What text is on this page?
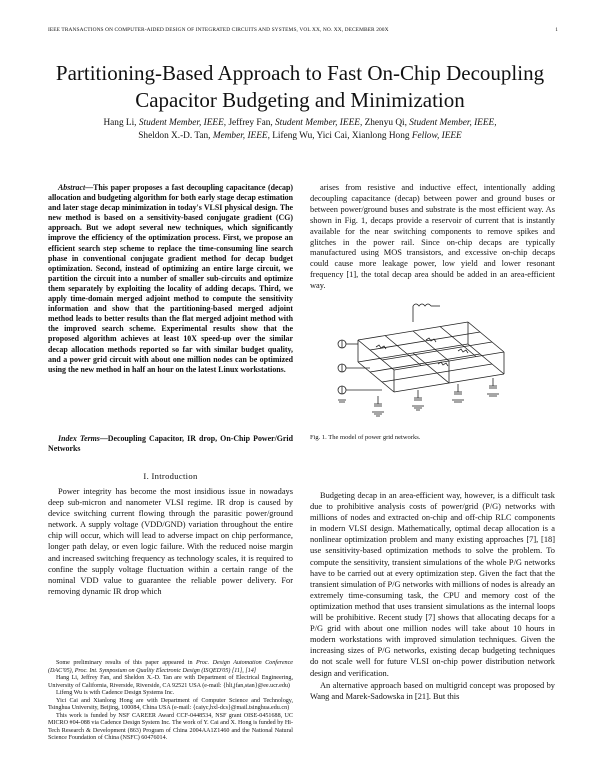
IEEE TRANSACTIONS ON COMPUTER-AIDED DESIGN OF INTEGRATED CIRCUITS AND SYSTEMS, VOL XX, NO. XX, DECEMBER 200X	1
Partitioning-Based Approach to Fast On-Chip Decoupling Capacitor Budgeting and Minimization
Hang Li, Student Member, IEEE, Jeffrey Fan, Student Member, IEEE, Zhenyu Qi, Student Member, IEEE,
Sheldon X.-D. Tan, Member, IEEE, Lifeng Wu, Yici Cai, Xianlong Hong Fellow, IEEE
Abstract—This paper proposes a fast decoupling capacitance (decap) allocation and budgeting algorithm for both early stage decap estimation and later stage decap minimization in today's VLSI physical design. The new method is based on a sensitivity-based conjugate gradient (CG) approach. But we adopt several new techniques, which significantly improve the efficiency of the optimization process. First, we propose an efficient search step scheme to replace the time-consuming line search phase in conventional conjugate gradient method for decap budget optimization. Second, instead of optimizing an entire large circuit, we partition the circuit into a number of smaller sub-circuits and optimize them separately by exploiting the locality of adding decaps. Third, we apply time-domain merged adjoint method to compute the sensitivity information and show that the partitioning-based merged adjoint method leads to better results than the flat merged adjoint method with the improved search scheme. Experimental results show that the proposed algorithm achieves at least 10X speed-up over the similar decap allocation methods reported so far with similar budget quality, and a power grid circuit with about one million nodes can be optimized using the new method in half an hour on the latest Linux workstations.
Index Terms—Decoupling Capacitor, IR drop, On-Chip Power/Grid Networks
I. Introduction
Power integrity has become the most insidious issue in nowadays deep sub-micron and nanometer VLSI regime. IR drop is caused by device switching current flowing through the parasitic power/ground network. A supply voltage (VDD/GND) variation throughout the entire chip will occur, which will lead to adverse impact on chip performance, longer path delay, or even logic failure. With the reduced noise margin and increased switching frequency as technology scales, it is required to confine the supply voltage fluctuation within a certain range of the nominal VDD value to guarantee the reliable power delivery. For removing dynamic IR drop which

Some preliminary results of this paper appeared in Proc. Design Automation Conference (DAC'05), Proc. Int. Symposium on Quality Electronic Design (ISQED'05) [11], [14]

Hang Li, Jeffrey Fan, and Sheldon X.-D. Tan are with Department of Electrical Engineering, University of California, Riverside, Riverside, CA 92521 USA (e-mail: {hli,jfan,stan}@ee.ucr.edu)

Lifeng Wu is with Cadence Design Systems Inc.

Yici Cai and Xianlong Hong are with Department of Computer Science and Technology, Tsinghua University, Beijing, 100084, China USA (e-mail: {caiyc,hxl-dcs}@mail.tsinghua.edu.cn)

This work is funded by NSF CAREER Award CCF-0448534, NSF grant OISE-0451688, UC MICRO #04-088 via Cadence Design System Inc. The work of Y. Cai and X. Hong is funded by Hi-Tech Research & Development (863) Program of China 2004AA1Z1460 and the National Natural Science Foundation of China (NSFC) 60476014.

arises from resistive and inductive effect, intentionally adding decoupling capacitance (decap) between power and ground buses or between power/ground buses and substrate is the most efficient way. As shown in Fig. 1, decaps provide a reservoir of current that is instantly available for the near switching components to remove spikes and glitches in the power rail. Since on-chip decaps are typically manufactured using MOS transistors, and excessive on-chip decaps could cause more leakage power, low yield and lower resonant frequency [1], the total decap area should be added in an area-efficient way.
Fig. 1. The model of power grid networks.

Budgeting decap in an area-efficient way, however, is a difficult task due to prohibitive analysis costs of power/grid (P/G) networks with millions of nodes and extracted on-chip and off-chip RLC components in modern VLSI design. Mathematically, optimal decap allocation is a nonlinear optimization problem and many existing approaches [7], [18] use sensitivity-based optimization methods to solve the problem. To compute the sensitivity, transient simulations of the whole P/G networks have to be carried out at every optimization step. Given the fact that the transient simulation of P/G networks with millions of nodes is already an extremely time-consuming task, the CPU and memory cost of the optimization method that uses transient simulations as the internal loops will be prohibitive. Recent study [7] shows that allocating decaps for a P/G grid with about one million nodes will take about 10 hours in modern workstations with improved simulation techniques. Given the increasing sizes of P/G networks, existing decap budgeting techniques do not scale well for future VLSI on-chip power distribution network design and verification.

An alternative approach based on multigrid concept was proposed by Wang and Marek-Sadowska in [21]. But this
